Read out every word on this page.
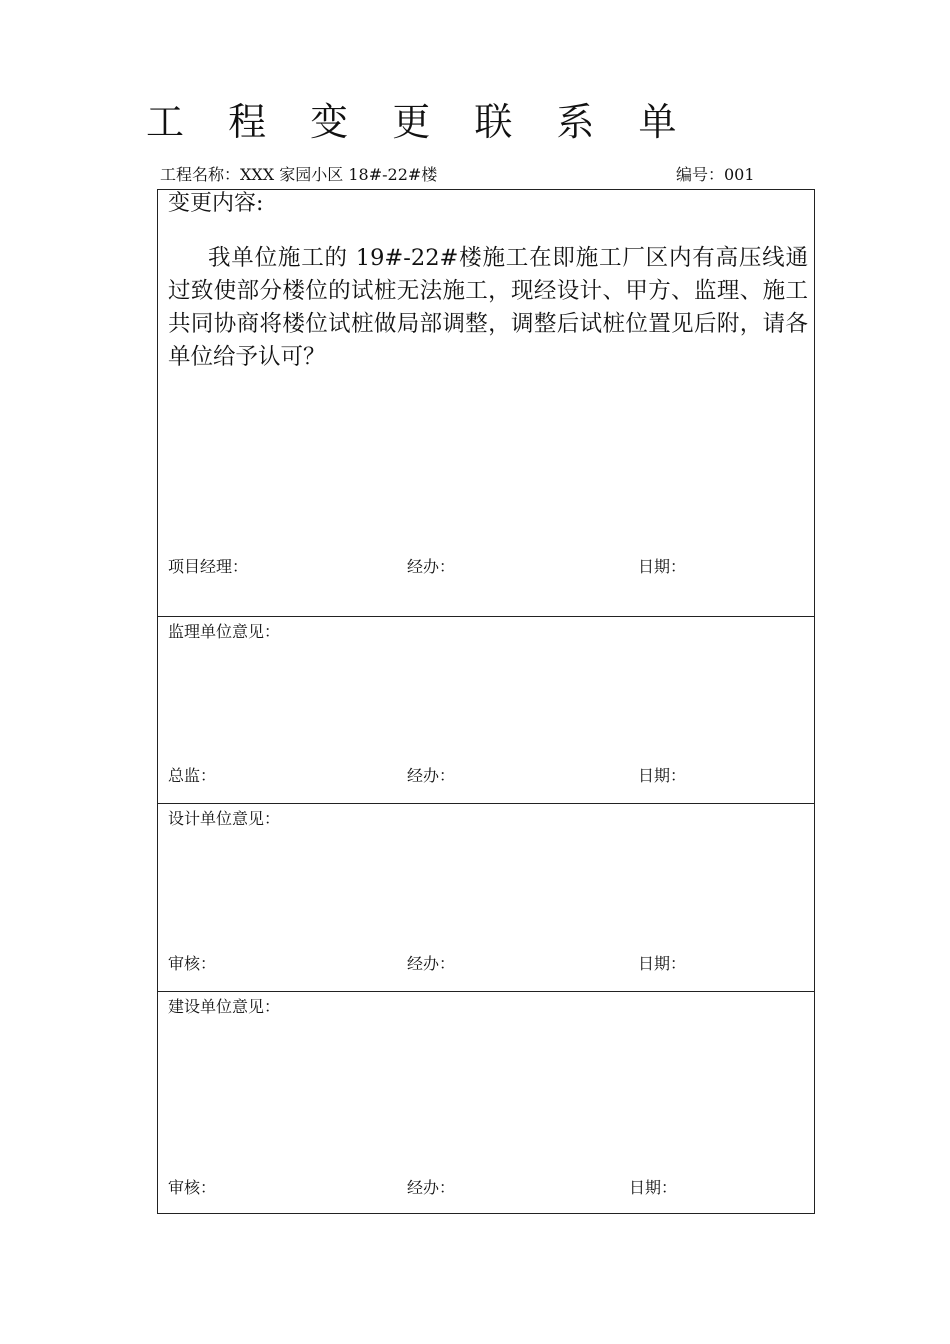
工 程 变 更 联 系 单
工程名称：XXX 家园小区 18#-22#楼	编号：001
变更内容:

我单位施工的 19#-22#楼施工在即施工厂区内有高压线通过致使部分楼位的试桩无法施工，现经设计、甲方、监理、施工共同协商将楼位试桩做局部调整，调整后试桩位置见后附，请各单位给予认可？

项目经理：	经办：	日期：
监理单位意见：
总监：	经办：	日期：
设计单位意见：
审核：	经办：	日期：
建设单位意见：
审核：	经办：	日期：
